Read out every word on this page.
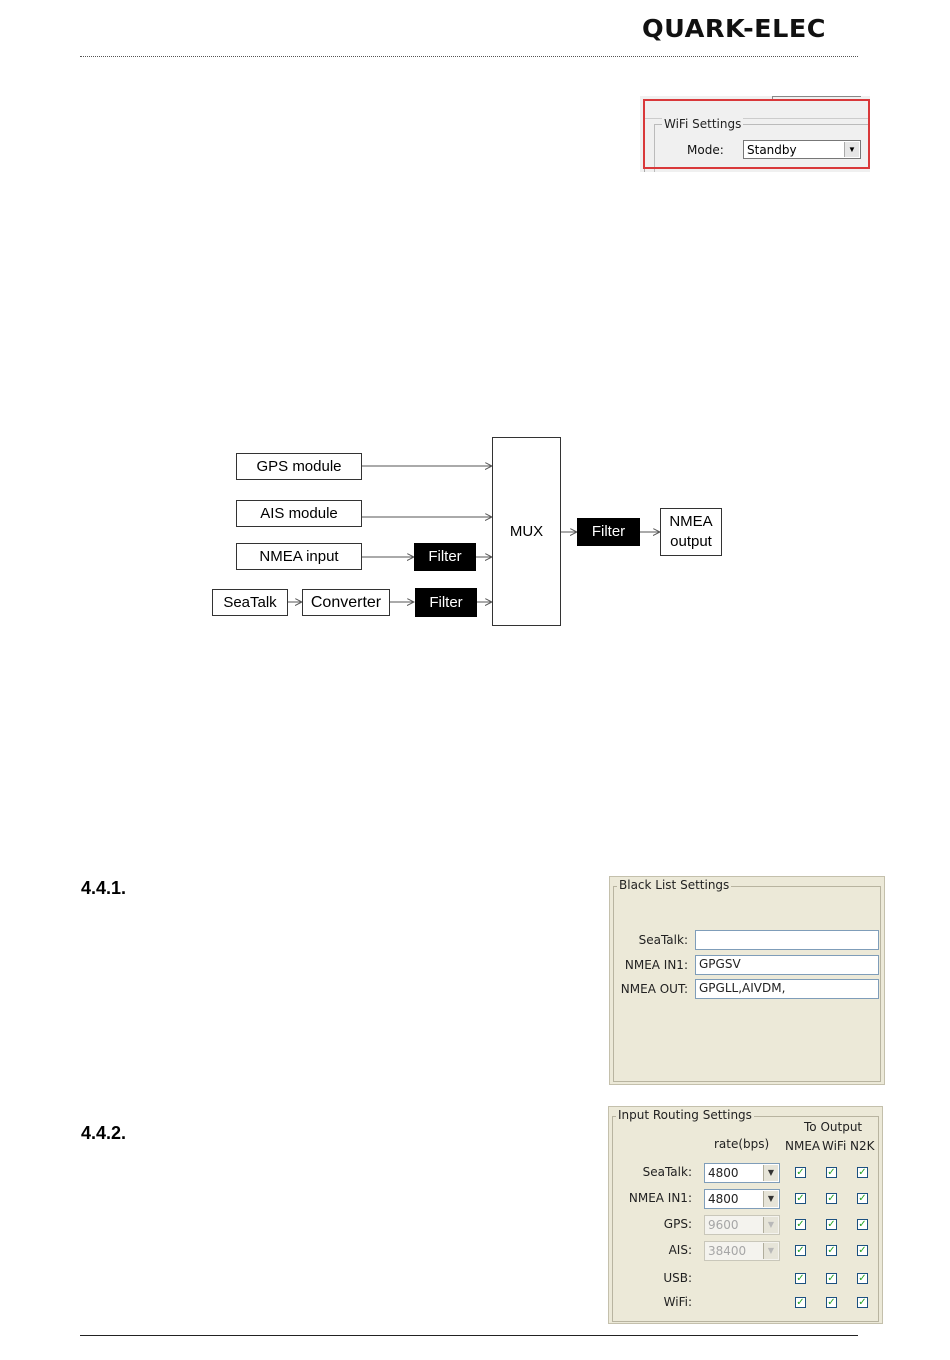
QUARK-ELEC
WiFi Settings
Mode: Standby	▼
GPS module
AIS module
NMEA input	Filter
SeaTalk	Converter	Filter
MUX	Filter
NMEA
output
4.4.1.
4.4.2.
Black List Settings
SeaTalk:
NMEA IN1: GPGSV
NMEA OUT: GPGLL,AIVDM,
Input Routing Settings
To Output
rate(bps) NMEA WiFi N2K
SeaTalk: 4800	▼	✓ ✓ ✓
NMEA IN1: 4800	▼	✓ ✓ ✓
GPS: 9600	▼	✓ ✓ ✓
AIS: 38400	▼	✓ ✓ ✓
USB:	✓ ✓ ✓
WiFi:	✓ ✓ ✓
